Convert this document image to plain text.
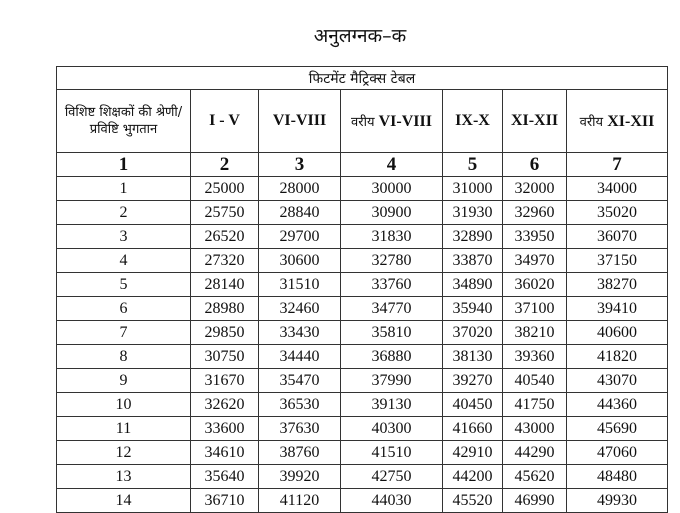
अनुलग्नक–क
फिटमेंट मैट्रिक्स टेबल						
विशिष्ट शिक्षकों की श्रेणी/प्रविष्टि भुगतान	I - V	VI-VIII	वरीय VI-VIII	IX-X	XI-XII	वरीय XI-XII
1	2	3	4	5	6	7
1	25000	28000	30000	31000	32000	34000
2	25750	28840	30900	31930	32960	35020
3	26520	29700	31830	32890	33950	36070
4	27320	30600	32780	33870	34970	37150
5	28140	31510	33760	34890	36020	38270
6	28980	32460	34770	35940	37100	39410
7	29850	33430	35810	37020	38210	40600
8	30750	34440	36880	38130	39360	41820
9	31670	35470	37990	39270	40540	43070
10	32620	36530	39130	40450	41750	44360
11	33600	37630	40300	41660	43000	45690
12	34610	38760	41510	42910	44290	47060
13	35640	39920	42750	44200	45620	48480
14	36710	41120	44030	45520	46990	49930
